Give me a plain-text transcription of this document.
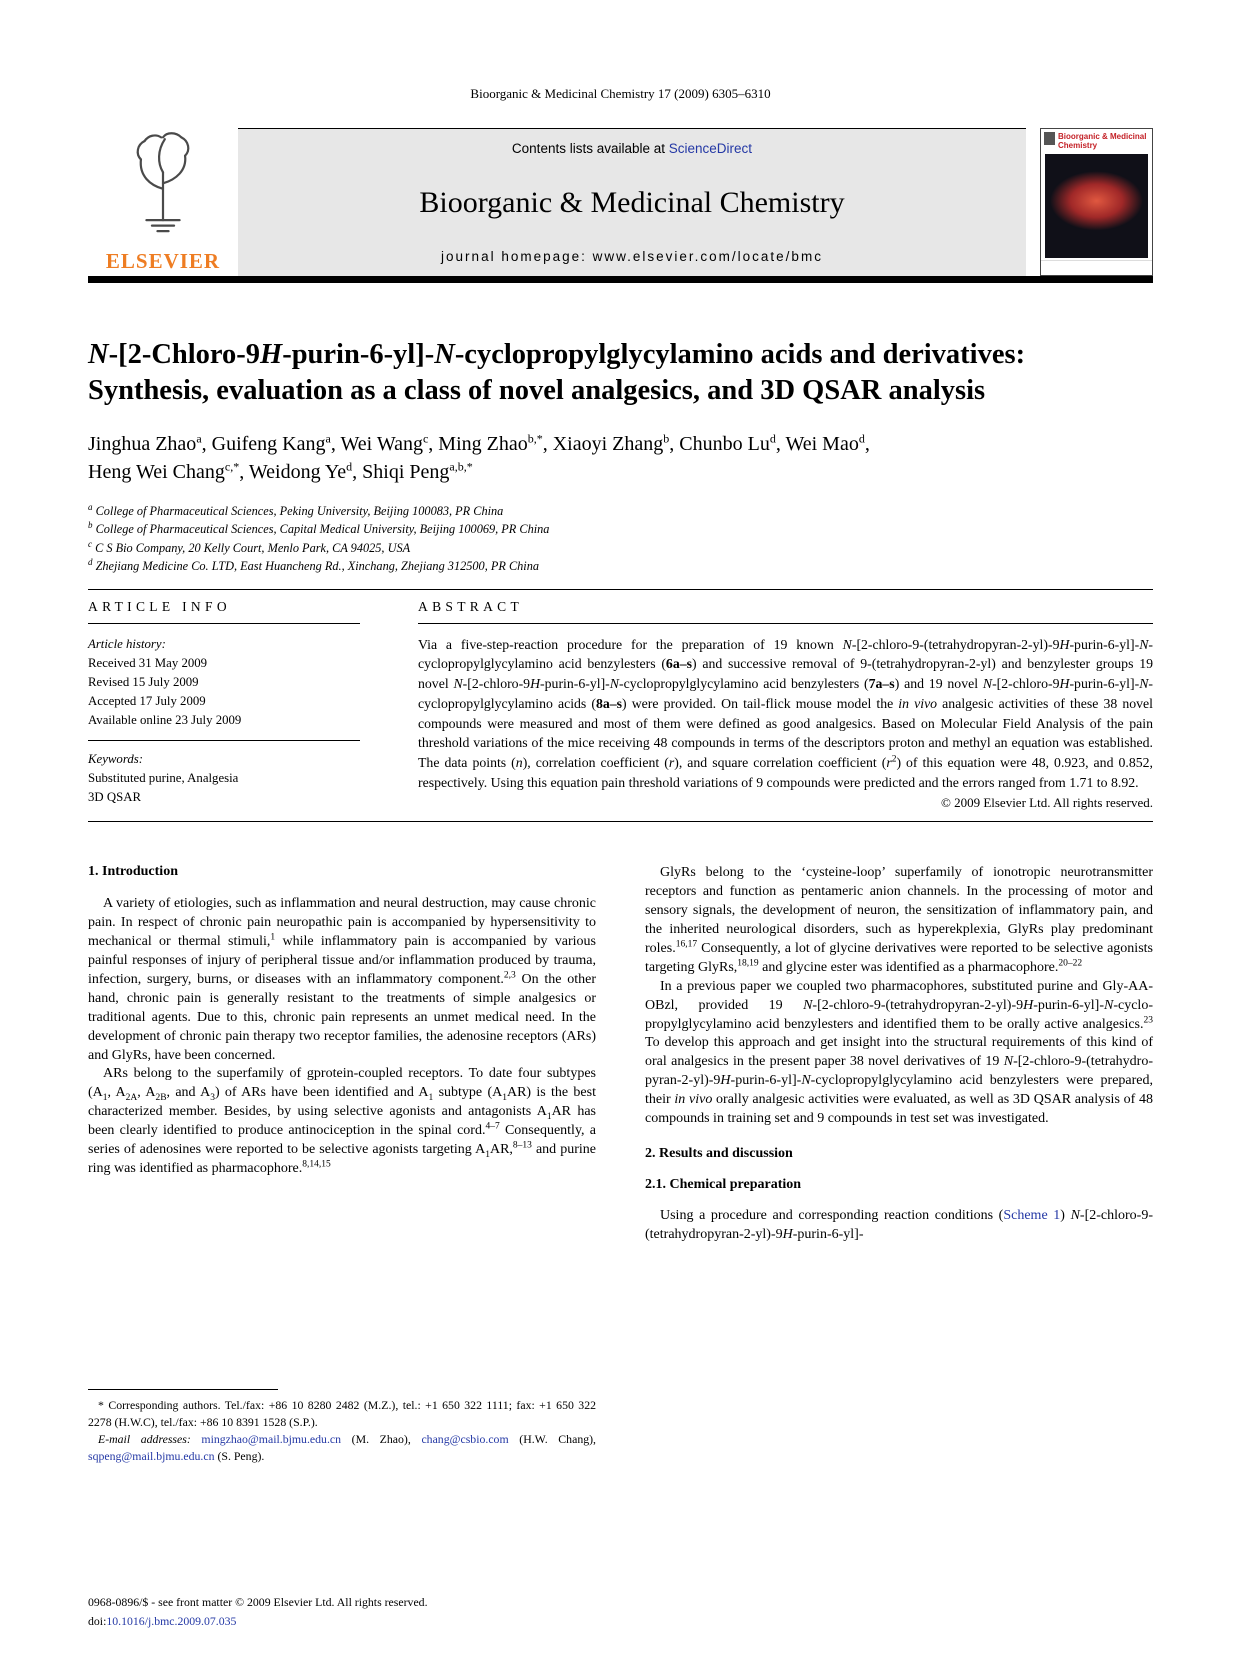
Bioorganic & Medicinal Chemistry 17 (2009) 6305–6310
ELSEVIER
Contents lists available at ScienceDirect
Bioorganic & Medicinal Chemistry
journal homepage: www.elsevier.com/locate/bmc
Bioorganic & Medicinal Chemistry
N-[2-Chloro-9H-purin-6-yl]-N-cyclopropylglycylamino acids and derivatives:
Synthesis, evaluation as a class of novel analgesics, and 3D QSAR analysis
Jinghua Zhao$^a$, Guifeng Kang$^a$, Wei Wang$^c$, Ming Zhao$^{b,*}$, Xiaoyi Zhang$^b$, Chunbo Lu$^d$, Wei Mao$^d$,
Heng Wei Chang$^{c,*}$, Weidong Ye$^d$, Shiqi Peng$^{a,b,*}$
$^a$ College of Pharmaceutical Sciences, Peking University, Beijing 100083, PR China
$^b$ College of Pharmaceutical Sciences, Capital Medical University, Beijing 100069, PR China
$^c$ C S Bio Company, 20 Kelly Court, Menlo Park, CA 94025, USA
$^d$ Zhejiang Medicine Co. LTD, East Huancheng Rd., Xinchang, Zhejiang 312500, PR China
ARTICLE INFO
Article history:
Received 31 May 2009
Revised 15 July 2009
Accepted 17 July 2009
Available online 23 July 2009
Keywords:
Substituted purine, Analgesia
3D QSAR
ABSTRACT

Via a five-step-reaction procedure for the preparation of 19 known N-[2-chloro-9-(tetrahydropyran-2-yl)-9H-purin-6-yl]-N-cyclopropylglycylamino acid benzylesters (6a–s) and successive removal of 9-(tetrahydropyran-2-yl) and benzylester groups 19 novel N-[2-chloro-9H-purin-6-yl]-N-cyclopropylglycylamino acid benzylesters (7a–s) and 19 novel N-[2-chloro-9H-purin-6-yl]-N-cyclopropylglycylamino acids (8a–s) were provided. On tail-flick mouse model the in vivo analgesic activities of these 38 novel compounds were measured and most of them were defined as good analgesics. Based on Molecular Field Analysis of the pain threshold variations of the mice receiving 48 compounds in terms of the descriptors proton and methyl an equation was established. The data points (n), correlation coefficient (r), and square correlation coefficient $(r^2)$ of this equation were 48, 0.923, and 0.852, respectively. Using this equation pain threshold variations of 9 compounds were predicted and the errors ranged from 1.71 to 8.92.

© 2009 Elsevier Ltd. All rights reserved.
1. Introduction

A variety of etiologies, such as inflammation and neural destruction, may cause chronic pain. In respect of chronic pain neuropathic pain is accompanied by hypersensitivity to mechanical or thermal stimuli,$^1$ while inflammatory pain is accompanied by various painful responses of injury of peripheral tissue and/or inflammation produced by trauma, infection, surgery, burns, or diseases with an inflammatory component.$^{2,3}$ On the other hand, chronic pain is generally resistant to the treatments of simple analgesics or traditional agents. Due to this, chronic pain represents an unmet medical need. In the development of chronic pain therapy two receptor families, the adenosine receptors (ARs) and GlyRs, have been concerned.

ARs belong to the superfamily of gprotein-coupled receptors. To date four subtypes ($A_1$, $A_{2A}$, $A_{2B}$, and $A_3$) of ARs have been identified and $A_1$ subtype $(A_1AR)$ is the best characterized member. Besides, by using selective agonists and antagonists $A_1AR$ has been clearly identified to produce antinociception in the spinal cord.$^{4-7}$ Consequently, a series of adenosines were reported to be selective agonists targeting $A_1AR,^{8-13}$ and purine ring was identified as pharmacophore.$^{8,14,15}$

* Corresponding authors. Tel./fax: +86 10 8280 2482 (M.Z.), tel.: +1 650 322 1111; fax: +1 650 322 2278 (H.W.C), tel./fax: +86 10 8391 1528 (S.P.).

E-mail addresses: mingzhao@mail.bjmu.edu.cn (M. Zhao), chang@csbio.com (H.W. Chang), sqpeng@mail.bjmu.edu.cn (S. Peng).

GlyRs belong to the ‘cysteine-loop’ superfamily of ionotropic neurotransmitter receptors and function as pentameric anion channels. In the processing of motor and sensory signals, the development of neuron, the sensitization of inflammatory pain, and the inherited neurological disorders, such as hyperekplexia, GlyRs play predominant roles.$^{16,17}$ Consequently, a lot of glycine derivatives were reported to be selective agonists targeting GlyRs,$^{18,19}$ and glycine ester was identified as a pharmacophore.$^{20-22}$

In a previous paper we coupled two pharmacophores, substituted purine and Gly-AA-OBzl, provided 19 N-[2-chloro-9-(tetrahydropyran-2-yl)-9H-purin-6-yl]-N-cyclo-propylglycylamino acid benzylesters and identified them to be orally active analgesics.$^{23}$ To develop this approach and get insight into the structural requirements of this kind of oral analgesics in the present paper 38 novel derivatives of 19 N-[2-chloro-9-(tetrahydro-pyran-2-yl)-9H-purin-6-yl]-N-cyclopropylglycylamino acid benzylesters were prepared, their in vivo orally analgesic activities were evaluated, as well as 3D QSAR analysis of 48 compounds in training set and 9 compounds in test set was investigated.

2. Results and discussion
2.1. Chemical preparation

Using a procedure and corresponding reaction conditions (Scheme 1) N-[2-chloro-9-(tetrahydropyran-2-yl)-9H-purin-6-yl]-

0968-0896/$ - see front matter © 2009 Elsevier Ltd. All rights reserved.
doi:10.1016/j.bmc.2009.07.035
